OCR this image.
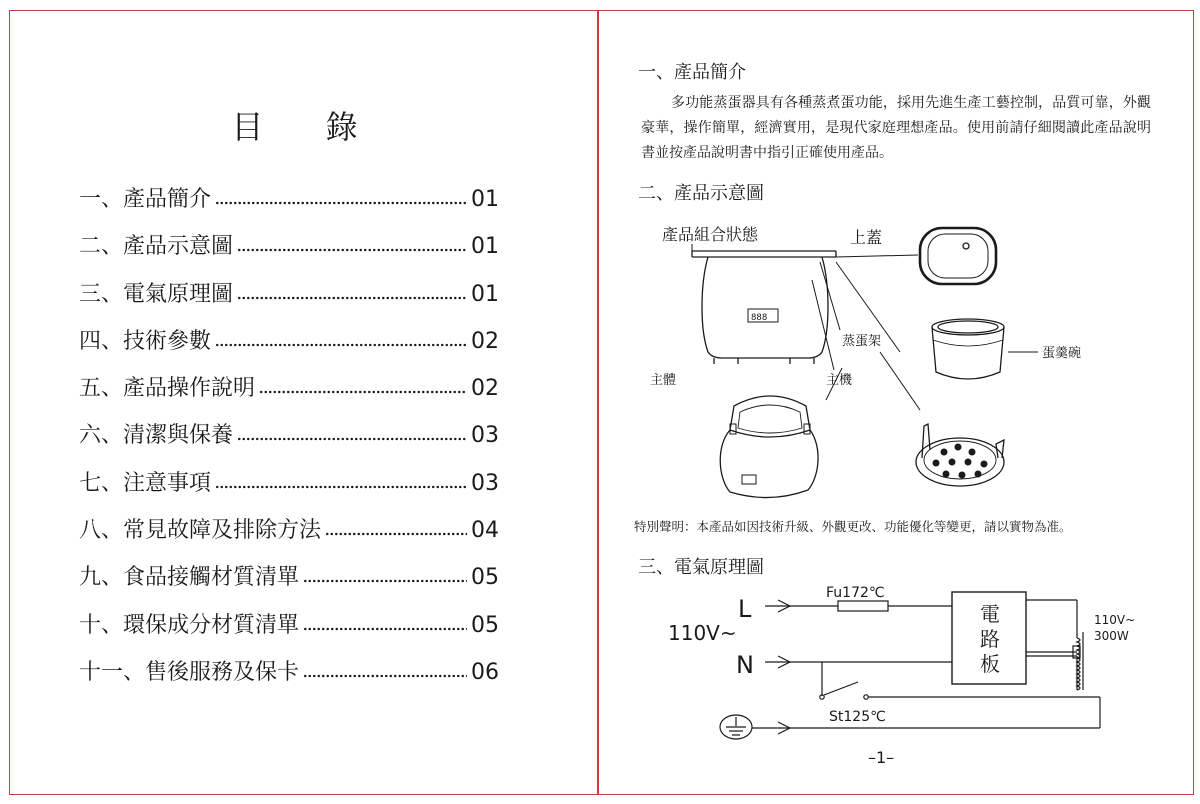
目 錄
一、產品簡介	01
二、產品示意圖	01
三、電氣原理圖	01
四、技術參數	02
五、產品操作說明	02
六、清潔與保養	03
七、注意事項	03
八、常見故障及排除方法	04
九、食品接觸材質清單	05
十、環保成分材質清單	05
十一、售後服務及保卡	06
一、產品簡介

多功能蒸蛋器具有各種蒸煮蛋功能，採用先進生產工藝控制，品質可靠，外觀豪華，操作簡單，經濟實用，是現代家庭理想產品。使用前請仔細閱讀此產品說明書並按產品說明書中指引正確使用產品。

二、產品示意圖
產品組合狀態	上蓋
蒸蛋架
蛋羹碗
主體	主機
888
特別聲明：本產品如因技術升級、外觀更改、功能優化等變更，請以實物為准。
三、電氣原理圖
L
N
110V~
Fu172℃
St125℃
電
路
板
110V~
300W
–1–
